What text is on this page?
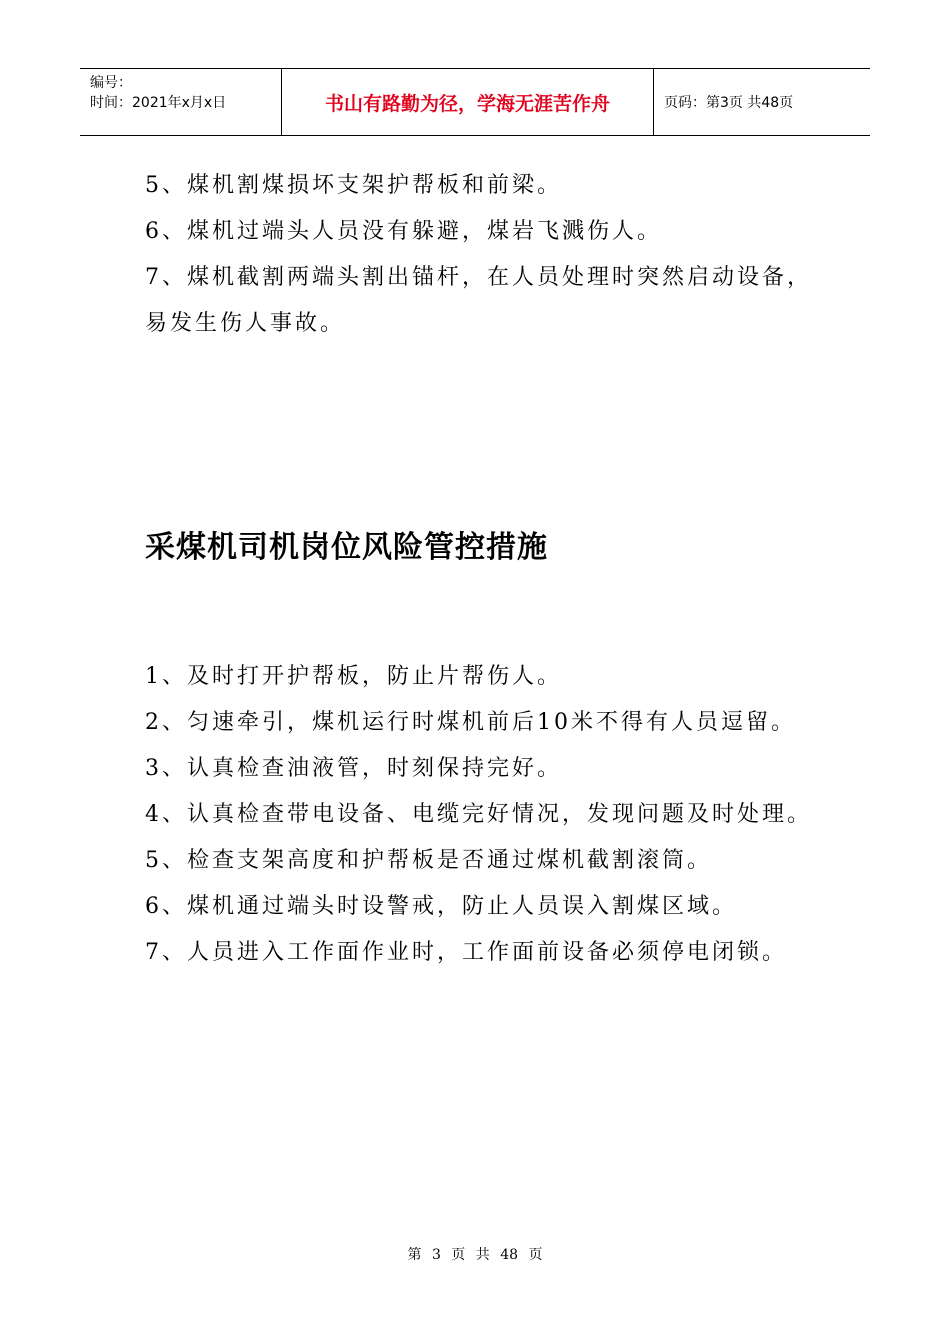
编号：
时间：2021年x月x日	书山有路勤为径，学海无涯苦作舟	页码：第3页 共48页

5、煤机割煤损坏支架护帮板和前梁。

6、煤机过端头人员没有躲避，煤岩飞溅伤人。

7、煤机截割两端头割出锚杆，在人员处理时突然启动设备，易发生伤人事故。

采煤机司机岗位风险管控措施

1、及时打开护帮板，防止片帮伤人。

2、匀速牵引，煤机运行时煤机前后10米不得有人员逗留。

3、认真检查油液管，时刻保持完好。

4、认真检查带电设备、电缆完好情况，发现问题及时处理。

5、检查支架高度和护帮板是否通过煤机截割滚筒。

6、煤机通过端头时设警戒，防止人员误入割煤区域。

7、人员进入工作面作业时，工作面前设备必须停电闭锁。

第 3 页 共 48 页
